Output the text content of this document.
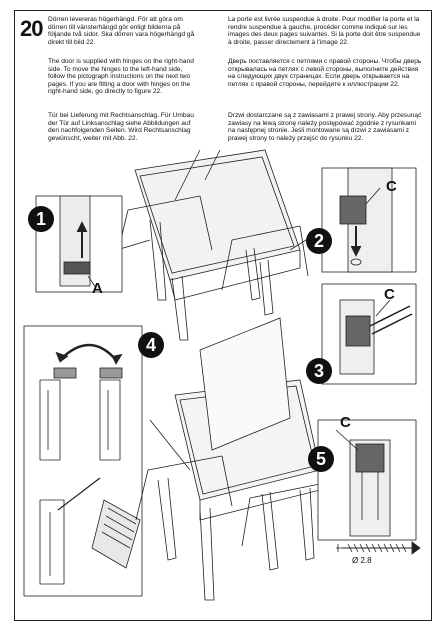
20 Dörren levereras högerhängd. För att göra om dörren till vänsterhängd gör enligt bilderna på följande två sidor. Ska dörren vara högerhängd gå direkt till bild 22.

The door is supplied with hinges on the right-hand side. To move the hinges to the left-hand side, follow the pictograph instructions on the next two pages. If you are fitting a door with hinges on the right-hand side, go directly to figure 22.

Tür bei Lieferung mit Rechtsanschlag. Für Umbau der Tür auf Linksanschlag siehe Abbildungen auf den nachfolgenden Seiten. Wird Rechtsanschlag gewünscht, weiter mit Abb. 22.

La porte est livrée suspendue à droite. Pour modifier la porte et la rendre suspendue à gauche, procéder comme indiqué sur les images des deux pages suivantes. Si la porte doit être suspendue à droite, passer directement à l'image 22.

Дверь поставляется с петлями с правой стороны. Чтобы дверь открывалась на петлях с левой стороны, выполните действия на следующих двух страницах. Если дверь открывается на петлях с правой стороны, перейдите к иллюстрации 22.

Drzwi dostarczane są z zawiasami z prawej strony. Aby przesunąć zawiasy na lewą stronę należy postępować zgodnie z rysunkami na następnej stronie. Jeśli montowane są drzwi z zawiasami z prawej strony to należy przejść do rysunku 22.

1
A
2
C
3
C
4
5
C
Ø 2.8
